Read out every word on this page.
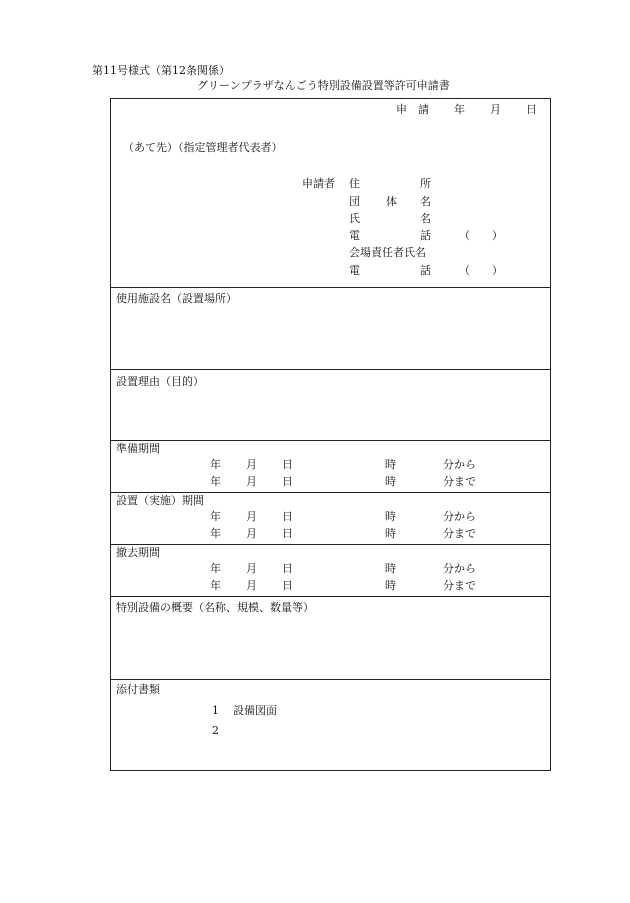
第11号様式（第12条関係）
グリーンプラザなんごう特別設備設置等許可申請書
申　請 年 月 日
（あて先）（指定管理者代表者）
申請者 住	所
団 体 名
氏	名
電	話	（　　）
会場責任者氏名
電	話	（　　）
使用施設名（設置場所）
設置理由（目的）
準備期間
年 月 日	時	分から
年 月 日	時	分まで
設置（実施）期間
年 月 日	時	分から
年 月 日	時	分まで
撤去期間
年 月 日	時	分から
年 月 日	時	分まで
特別設備の概要（名称、規模、数量等）
添付書類
1 設備図面
2
